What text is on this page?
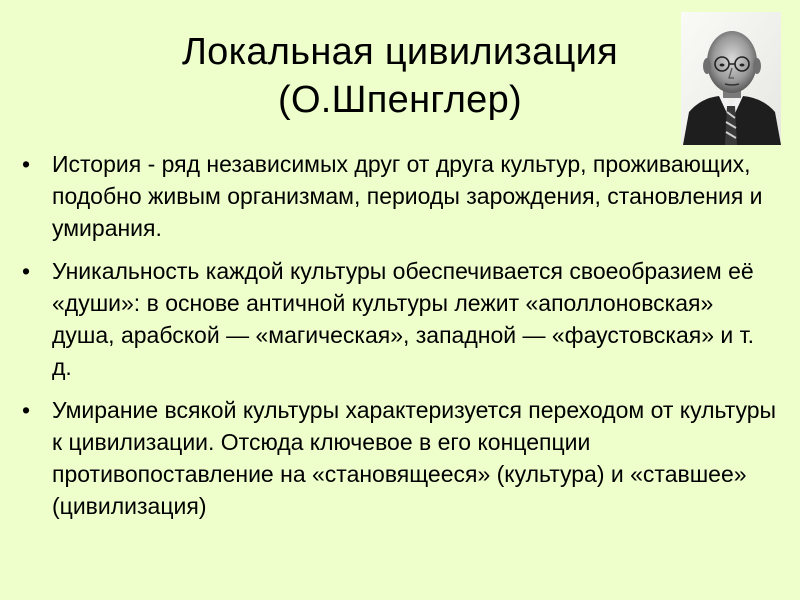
Локальная цивилизация
(О.Шпенглер)
• История - ряд независимых друг от друга культур, проживающих, подобно живым организмам, периоды зарождения, становления и умирания.
• Уникальность каждой культуры обеспечивается своеобразием её «души»: в основе античной культуры лежит «аполлоновская» душа, арабской — «магическая», западной — «фаустовская» и т. д.
• Умирание всякой культуры характеризуется переходом от культуры к цивилизации. Отсюда ключевое в его концепции противопоставление на «становящееся» (культура) и «ставшее» (цивилизация)
